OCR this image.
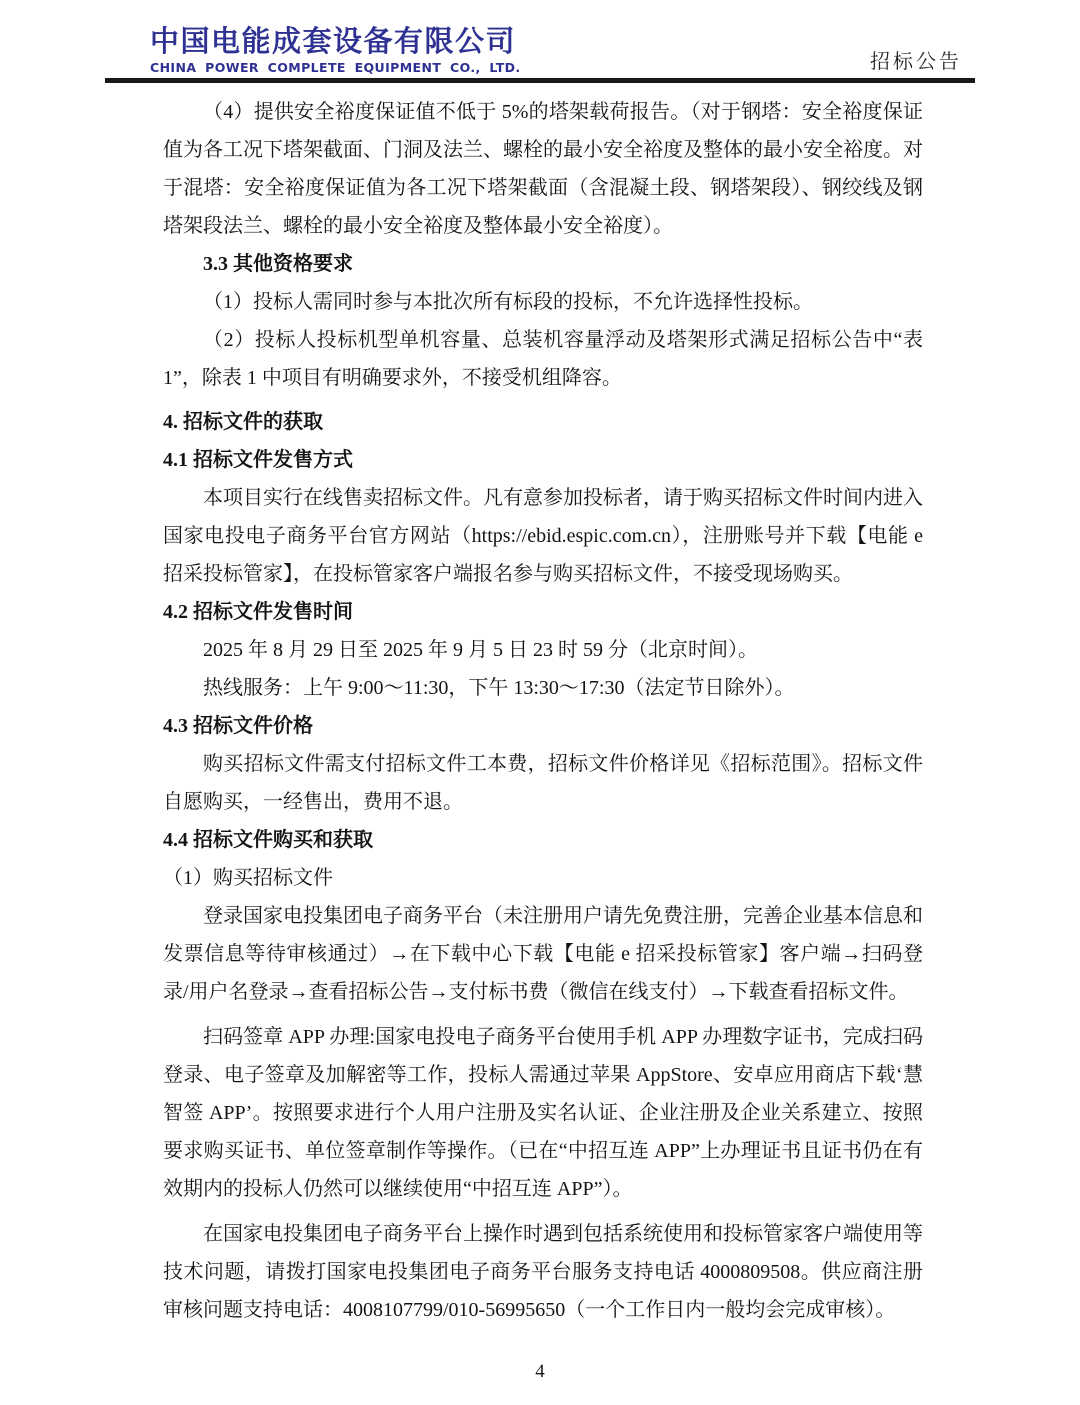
中国电能成套设备有限公司
CHINA POWER COMPLETE EQUIPMENT CO., LTD.	招标公告
（4）提供安全裕度保证值不低于 5%的塔架载荷报告。（对于钢塔：安全裕度保证值为各工况下塔架截面、门洞及法兰、螺栓的最小安全裕度及整体的最小安全裕度。对于混塔：安全裕度保证值为各工况下塔架截面（含混凝土段、钢塔架段）、钢绞线及钢塔架段法兰、螺栓的最小安全裕度及整体最小安全裕度）。
3.3 其他资格要求
（1）投标人需同时参与本批次所有标段的投标，不允许选择性投标。
（2）投标人投标机型单机容量、总装机容量浮动及塔架形式满足招标公告中“表 1”，除表 1 中项目有明确要求外，不接受机组降容。
4. 招标文件的获取
4.1 招标文件发售方式
本项目实行在线售卖招标文件。凡有意参加投标者，请于购买招标文件时间内进入国家电投电子商务平台官方网站（https://ebid.espic.com.cn），注册账号并下载【电能 e 招采投标管家】，在投标管家客户端报名参与购买招标文件，不接受现场购买。
4.2 招标文件发售时间
2025 年 8 月 29 日至 2025 年 9 月 5 日 23 时 59 分（北京时间）。
热线服务：上午 9:00～11:30，下午 13:30～17:30（法定节日除外）。
4.3 招标文件价格
购买招标文件需支付招标文件工本费，招标文件价格详见《招标范围》。招标文件自愿购买，一经售出，费用不退。
4.4 招标文件购买和获取
（1）购买招标文件
登录国家电投集团电子商务平台（未注册用户请先免费注册，完善企业基本信息和发票信息等待审核通过）→在下载中心下载【电能 e 招采投标管家】客户端→扫码登录/用户名登录→查看招标公告→支付标书费（微信在线支付）→下载查看招标文件。
扫码签章 APP 办理:国家电投电子商务平台使用手机 APP 办理数字证书，完成扫码登录、电子签章及加解密等工作，投标人需通过苹果 AppStore、安卓应用商店下载‘慧智签 APP’。按照要求进行个人用户注册及实名认证、企业注册及企业关系建立、按照要求购买证书、单位签章制作等操作。（已在“中招互连 APP”上办理证书且证书仍在有效期内的投标人仍然可以继续使用“中招互连 APP”）。
在国家电投集团电子商务平台上操作时遇到包括系统使用和投标管家客户端使用等技术问题，请拨打国家电投集团电子商务平台服务支持电话 4000809508。供应商注册审核问题支持电话：4008107799/010-56995650（一个工作日内一般均会完成审核）。
4
